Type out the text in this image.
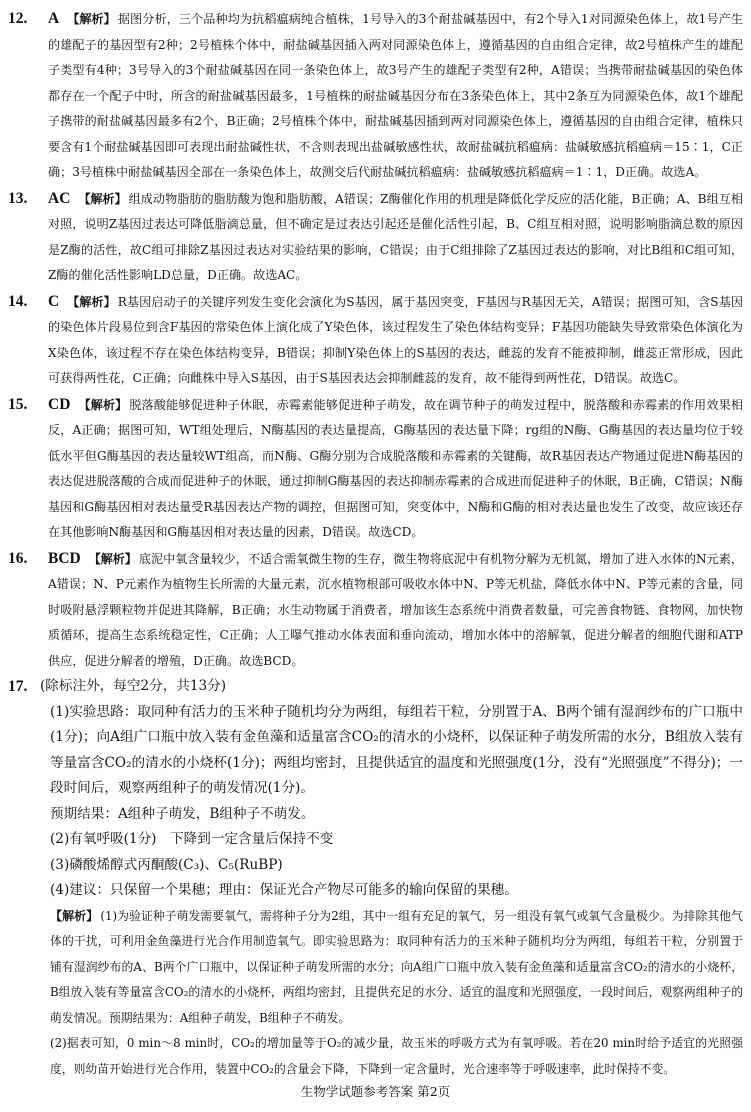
12.	A 【解析】 据图分析，三个品种均为抗稻瘟病纯合植株，1号导入的3个耐盐碱基因中，有2个导入1对同源染色体上，故1号产生的雄配子的基因型有2种；2号植株个体中，耐盐碱基因插入两对同源染色体上，遵循基因的自由组合定律，故2号植株产生的雄配子类型有4种；3号导入的3个耐盐碱基因在同一条染色体上，故3号产生的雄配子类型有2种，A错误；当携带耐盐碱基因的染色体都存在一个配子中时，所含的耐盐碱基因最多，1号植株的耐盐碱基因分布在3条染色体上，其中2条互为同源染色体，故1个雄配子携带的耐盐碱基因最多有2个，B正确；2号植株个体中，耐盐碱基因插到两对同源染色体上，遵循基因的自由组合定律，植株只要含有1个耐盐碱基因即可表现出耐盐碱性状，不含则表现出盐碱敏感性状，故耐盐碱抗稻瘟病：盐碱敏感抗稻瘟病＝15∶1，C正确；3号植株中耐盐碱基因全部在一条染色体上，故测交后代耐盐碱抗稻瘟病：盐碱敏感抗稻瘟病＝1∶1，D正确。故选A。
13.	AC 【解析】 组成动物脂肪的脂肪酸为饱和脂肪酸，A错误；Z酶催化作用的机理是降低化学反应的活化能，B正确；A、B组互相对照，说明Z基因过表达可降低脂滴总量，但不确定是过表达引起还是催化活性引起，B、C组互相对照，说明影响脂滴总数的原因是Z酶的活性，故C组可排除Z基因过表达对实验结果的影响，C错误；由于C组排除了Z基因过表达的影响，对比B组和C组可知，Z酶的催化活性影响LD总量，D正确。故选AC。
14.	C 【解析】 R基因启动子的关键序列发生变化会演化为S基因，属于基因突变，F基因与R基因无关，A错误；据图可知，含S基因的染色体片段易位到含F基因的常染色体上演化成了Y染色体，该过程发生了染色体结构变异；F基因功能缺失导致常染色体演化为X染色体，该过程不存在染色体结构变异，B错误；抑制Y染色体上的S基因的表达，雌蕊的发育不能被抑制，雌蕊正常形成，因此可获得两性花，C正确；向雌株中导入S基因，由于S基因表达会抑制雌蕊的发育，故不能得到两性花，D错误。故选C。
15.	CD 【解析】 脱落酸能够促进种子休眠，赤霉素能够促进种子萌发，故在调节种子的萌发过程中，脱落酸和赤霉素的作用效果相反，A正确；据图可知，WT组处理后，N酶基因的表达量提高，G酶基因的表达量下降；rg组的N酶、G酶基因的表达量均位于较低水平但G酶基因的表达量较WT组高，而N酶、G酶分别为合成脱落酸和赤霉素的关键酶，故R基因表达产物通过促进N酶基因的表达促进脱落酸的合成而促进种子的休眠，通过抑制G酶基因的表达抑制赤霉素的合成进而促进种子的休眠，B正确，C错误；N酶基因和G酶基因相对表达量受R基因表达产物的调控，但据图可知，突变体中，N酶和G酶的相对表达量也发生了改变，故应该还存在其他影响N酶基因和G酶基因相对表达量的因素，D错误。故选CD。
16.	BCD 【解析】 底泥中氧含量较少，不适合需氧微生物的生存，微生物将底泥中有机物分解为无机氮，增加了进入水体的N元素，A错误；N、P元素作为植物生长所需的大量元素，沉水植物根部可吸收水体中N、P等无机盐，降低水体中N、P等元素的含量，同时吸附悬浮颗粒物并促进其降解，B正确；水生动物属于消费者，增加该生态系统中消费者数量，可完善食物链、食物网，加快物质循环，提高生态系统稳定性，C正确；人工曝气推动水体表面和垂向流动，增加水体中的溶解氧，促进分解者的细胞代谢和ATP供应，促进分解者的增殖，D正确。故选BCD。
17. (除标注外，每空2分，共13分)
(1)实验思路：取同种有活力的玉米种子随机均分为两组，每组若干粒，分别置于A、B两个铺有湿润纱布的广口瓶中(1分)；向A组广口瓶中放入装有金鱼藻和适量富含CO₂的清水的小烧杯，以保证种子萌发所需的水分，B组放入装有等量富含CO₂的清水的小烧杯(1分)；两组均密封，且提供适宜的温度和光照强度(1分，没有“光照强度”不得分)；一段时间后，观察两组种子的萌发情况(1分)。
预期结果：A组种子萌发，B组种子不萌发。
(2)有氧呼吸(1分)　下降到一定含量后保持不变
(3)磷酸烯醇式丙酮酸(C₃)、C₅(RuBP)
(4)建议：只保留一个果穗；理由：保证光合产物尽可能多的输向保留的果穗。
【解析】 (1)为验证种子萌发需要氧气，需将种子分为2组，其中一组有充足的氧气，另一组没有氧气或氧气含量极少。为排除其他气体的干扰，可利用金鱼藻进行光合作用制造氧气。即实验思路为：取同种有活力的玉米种子随机均分为两组，每组若干粒，分别置于铺有湿润纱布的A、B两个广口瓶中，以保证种子萌发所需的水分；向A组广口瓶中放入装有金鱼藻和适量富含CO₂的清水的小烧杯，B组放入装有等量富含CO₂的清水的小烧杯，两组均密封，且提供充足的水分、适宜的温度和光照强度，一段时间后，观察两组种子的萌发情况。预期结果为：A组种子萌发，B组种子不萌发。
(2)据表可知，0 min～8 min时，CO₂的增加量等于O₂的减少量，故玉米的呼吸方式为有氧呼吸。若在20 min时给予适宜的光照强度，则幼苗开始进行光合作用，装置中CO₂的含量会下降，下降到一定含量时，光合速率等于呼吸速率，此时保持不变。
生物学试题参考答案 第2页
